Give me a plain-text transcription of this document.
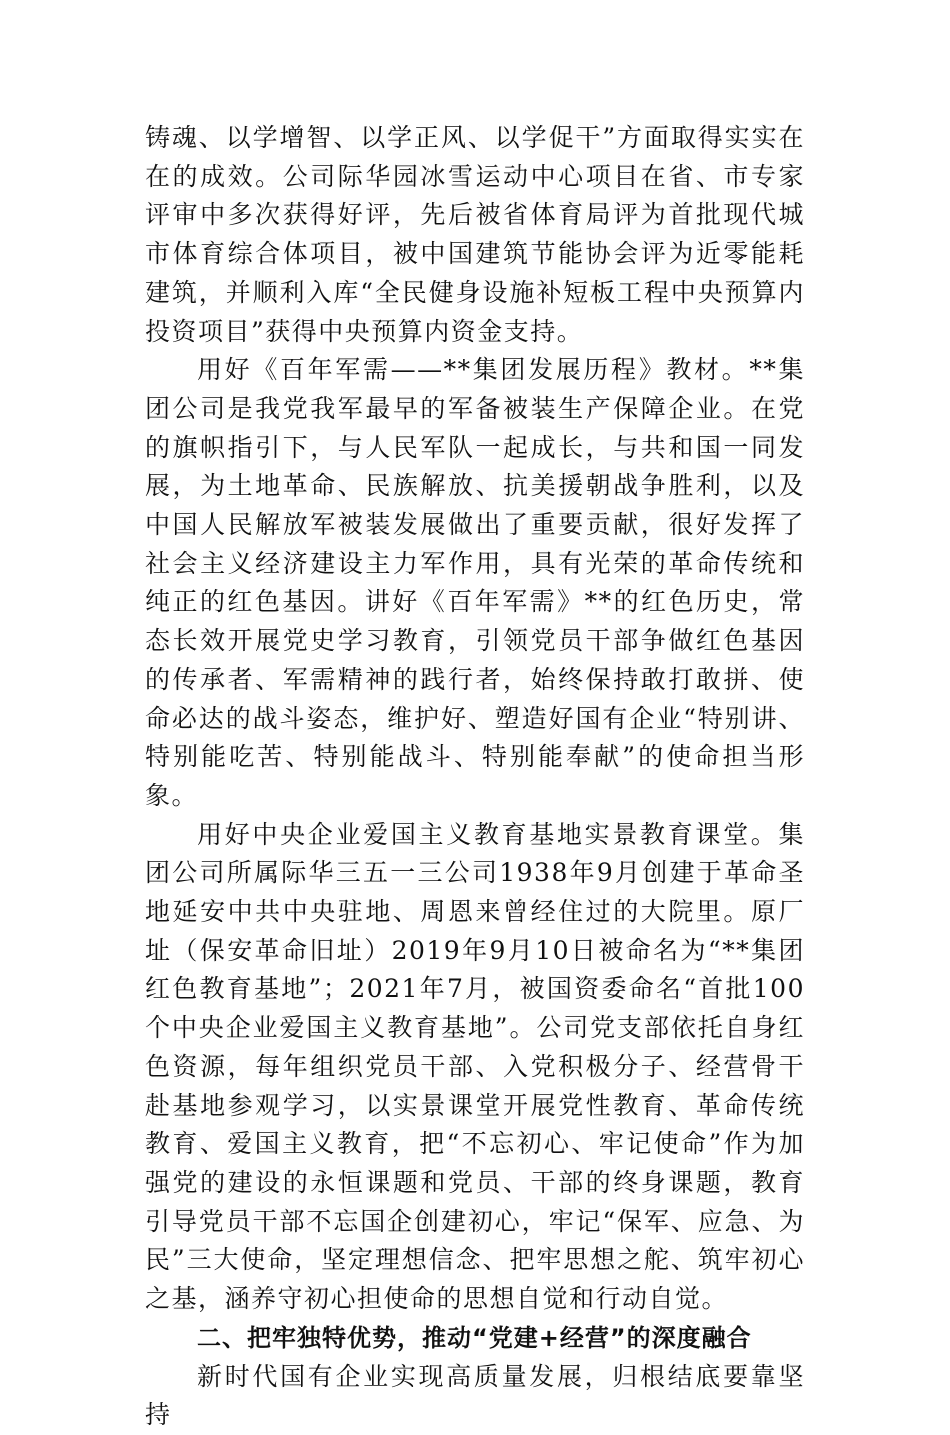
铸魂、以学增智、以学正风、以学促干”方面取得实实在在的成效。公司际华园冰雪运动中心项目在省、市专家评审中多次获得好评，先后被省体育局评为首批现代城市体育综合体项目，被中国建筑节能协会评为近零能耗建筑，并顺利入库“全民健身设施补短板工程中央预算内投资项目”获得中央预算内资金支持。

用好《百年军需——**集团发展历程》教材。**集团公司是我党我军最早的军备被装生产保障企业。在党的旗帜指引下，与人民军队一起成长，与共和国一同发展，为土地革命、民族解放、抗美援朝战争胜利，以及中国人民解放军被装发展做出了重要贡献，很好发挥了社会主义经济建设主力军作用，具有光荣的革命传统和纯正的红色基因。讲好《百年军需》**的红色历史，常态长效开展党史学习教育，引领党员干部争做红色基因的传承者、军需精神的践行者，始终保持敢打敢拼、使命必达的战斗姿态，维护好、塑造好国有企业“特别讲、特别能吃苦、特别能战斗、特别能奉献”的使命担当形象。

用好中央企业爱国主义教育基地实景教育课堂。集团公司所属际华三五一三公司1938年9月创建于革命圣地延安中共中央驻地、周恩来曾经住过的大院里。原厂址（保安革命旧址）2019年9月10日被命名为“**集团红色教育基地”；2021年7月，被国资委命名“首批100个中央企业爱国主义教育基地”。公司党支部依托自身红色资源，每年组织党员干部、入党积极分子、经营骨干赴基地参观学习，以实景课堂开展党性教育、革命传统教育、爱国主义教育，把“不忘初心、牢记使命”作为加强党的建设的永恒课题和党员、干部的终身课题，教育引导党员干部不忘国企创建初心，牢记“保军、应急、为民”三大使命，坚定理想信念、把牢思想之舵、筑牢初心之基，涵养守初心担使命的思想自觉和行动自觉。

二、把牢独特优势，推动“党建+经营”的深度融合

新时代国有企业实现高质量发展，归根结底要靠坚持
